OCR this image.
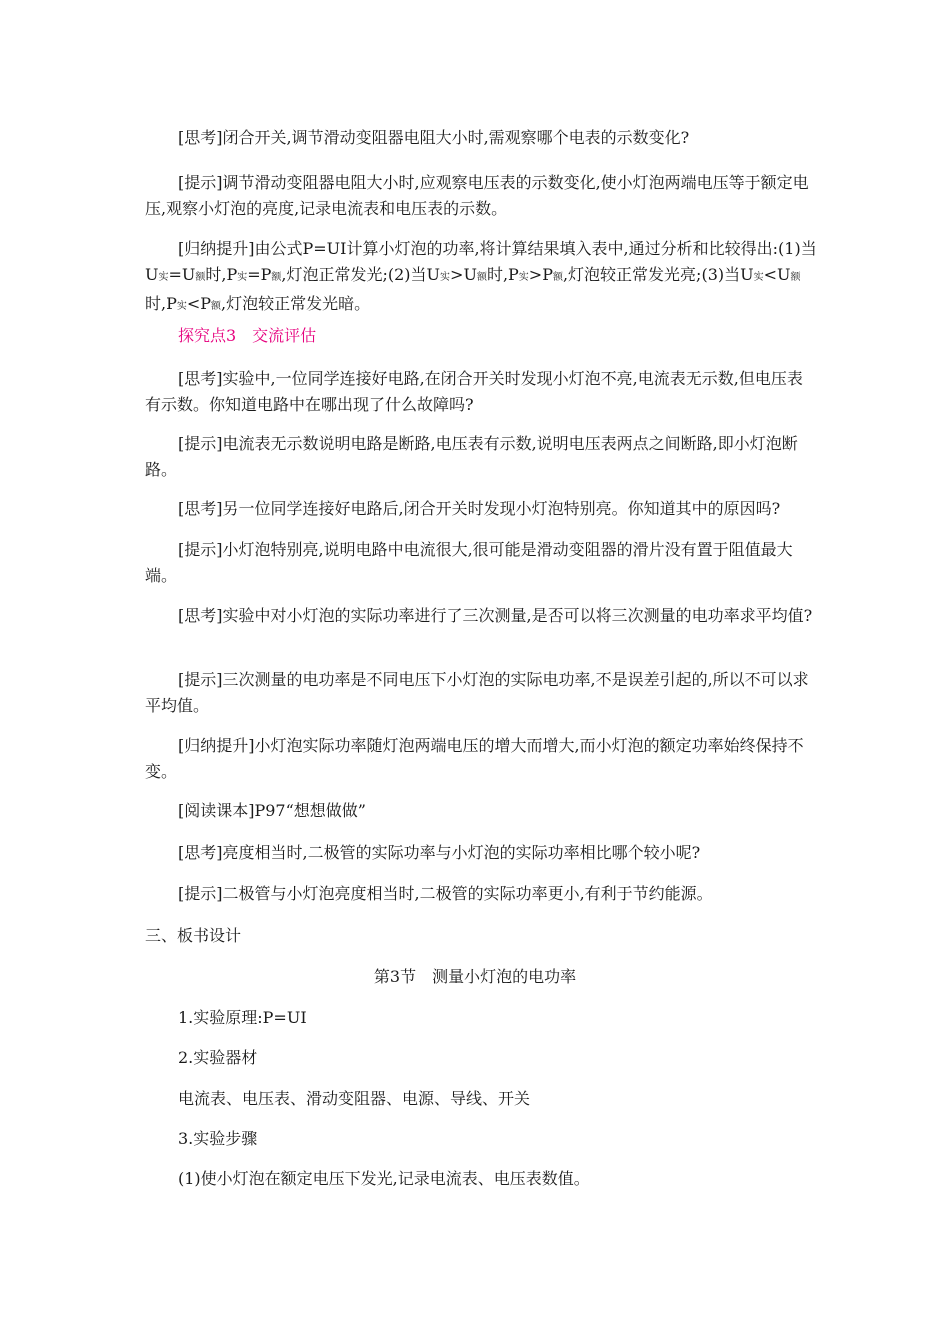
[思考]闭合开关,调节滑动变阻器电阻大小时,需观察哪个电表的示数变化?

[提示]调节滑动变阻器电阻大小时,应观察电压表的示数变化,使小灯泡两端电压等于额定电压,观察小灯泡的亮度,记录电流表和电压表的示数。

[归纳提升]由公式P=UI计算小灯泡的功率,将计算结果填入表中,通过分析和比较得出:(1)当U实=U额时,P实=P额,灯泡正常发光;(2)当U实>U额时,P实>P额,灯泡较正常发光亮;(3)当U实<U额时,P实<P额,灯泡较正常发光暗。

探究点3　交流评估

[思考]实验中,一位同学连接好电路,在闭合开关时发现小灯泡不亮,电流表无示数,但电压表有示数。你知道电路中在哪出现了什么故障吗?

[提示]电流表无示数说明电路是断路,电压表有示数,说明电压表两点之间断路,即小灯泡断路。

[思考]另一位同学连接好电路后,闭合开关时发现小灯泡特别亮。你知道其中的原因吗?

[提示]小灯泡特别亮,说明电路中电流很大,很可能是滑动变阻器的滑片没有置于阻值最大端。

[思考]实验中对小灯泡的实际功率进行了三次测量,是否可以将三次测量的电功率求平均值?

[提示]三次测量的电功率是不同电压下小灯泡的实际电功率,不是误差引起的,所以不可以求平均值。

[归纳提升]小灯泡实际功率随灯泡两端电压的增大而增大,而小灯泡的额定功率始终保持不变。

[阅读课本]P97“想想做做”

[思考]亮度相当时,二极管的实际功率与小灯泡的实际功率相比哪个较小呢?

[提示]二极管与小灯泡亮度相当时,二极管的实际功率更小,有利于节约能源。

三、板书设计

第3节　测量小灯泡的电功率

1.实验原理:P=UI

2.实验器材

电流表、电压表、滑动变阻器、电源、导线、开关

3.实验步骤

(1)使小灯泡在额定电压下发光,记录电流表、电压表数值。
